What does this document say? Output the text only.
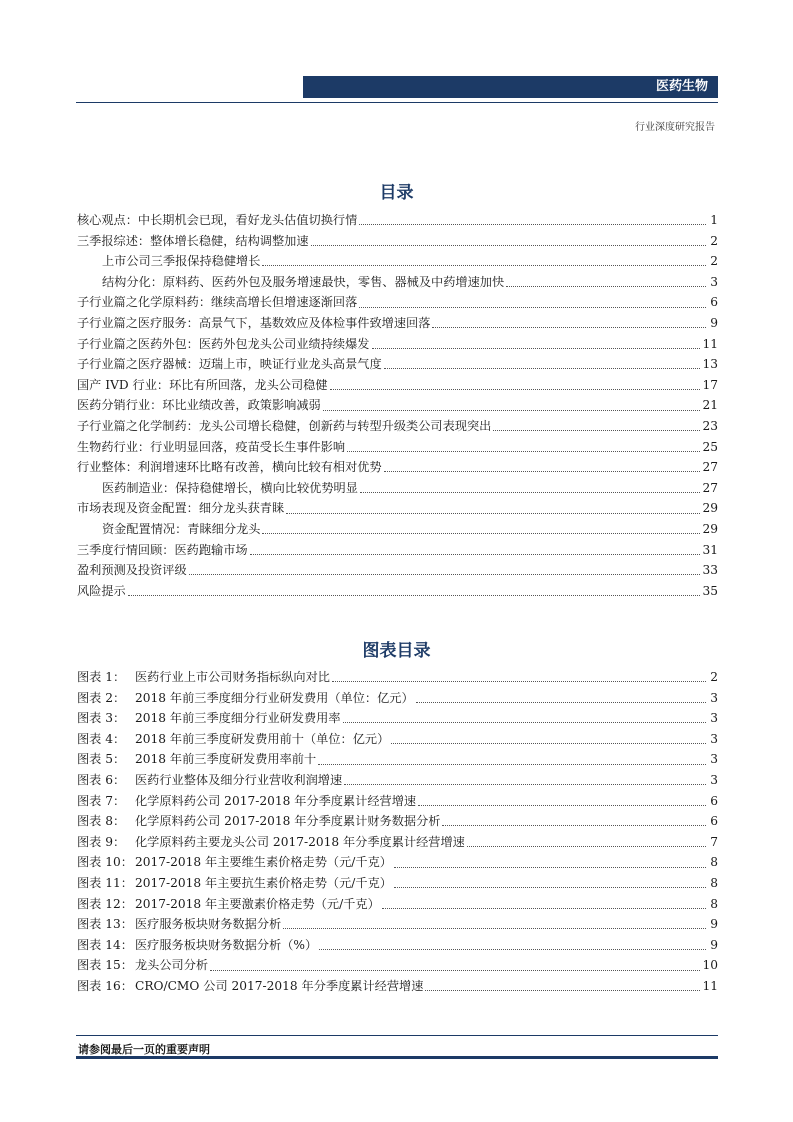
医药生物
行业深度研究报告
目录
核心观点：中长期机会已现，看好龙头估值切换行情	1
三季报综述：整体增长稳健，结构调整加速	2
上市公司三季报保持稳健增长	2
结构分化：原料药、医药外包及服务增速最快，零售、器械及中药增速加快	3
子行业篇之化学原料药：继续高增长但增速逐渐回落	6
子行业篇之医疗服务：高景气下，基数效应及体检事件致增速回落	9
子行业篇之医药外包：医药外包龙头公司业绩持续爆发	11
子行业篇之医疗器械：迈瑞上市，映证行业龙头高景气度	13
国产 IVD 行业：环比有所回落，龙头公司稳健	17
医药分销行业：环比业绩改善，政策影响减弱	21
子行业篇之化学制药：龙头公司增长稳健，创新药与转型升级类公司表现突出	23
生物药行业：行业明显回落，疫苗受长生事件影响	25
行业整体：利润增速环比略有改善，横向比较有相对优势	27
医药制造业：保持稳健增长，横向比较优势明显	27
市场表现及资金配置：细分龙头获青睐	29
资金配置情况：青睐细分龙头	29
三季度行情回顾：医药跑输市场	31
盈利预测及投资评级	33
风险提示	35
图表目录
图表 1： 医药行业上市公司财务指标纵向对比	2
图表 2： 2018 年前三季度细分行业研发费用（单位：亿元）	3
图表 3： 2018 年前三季度细分行业研发费用率	3
图表 4： 2018 年前三季度研发费用前十（单位：亿元）	3
图表 5： 2018 年前三季度研发费用率前十	3
图表 6： 医药行业整体及细分行业营收利润增速	3
图表 7： 化学原料药公司 2017-2018 年分季度累计经营增速	6
图表 8： 化学原料药公司 2017-2018 年分季度累计财务数据分析	6
图表 9： 化学原料药主要龙头公司 2017-2018 年分季度累计经营增速	7
图表 10： 2017-2018 年主要维生素价格走势（元/千克）	8
图表 11： 2017-2018 年主要抗生素价格走势（元/千克）	8
图表 12： 2017-2018 年主要激素价格走势（元/千克）	8
图表 13： 医疗服务板块财务数据分析	9
图表 14： 医疗服务板块财务数据分析（%）	9
图表 15： 龙头公司分析	10
图表 16： CRO/CMO 公司 2017-2018 年分季度累计经营增速	11
请参阅最后一页的重要声明
